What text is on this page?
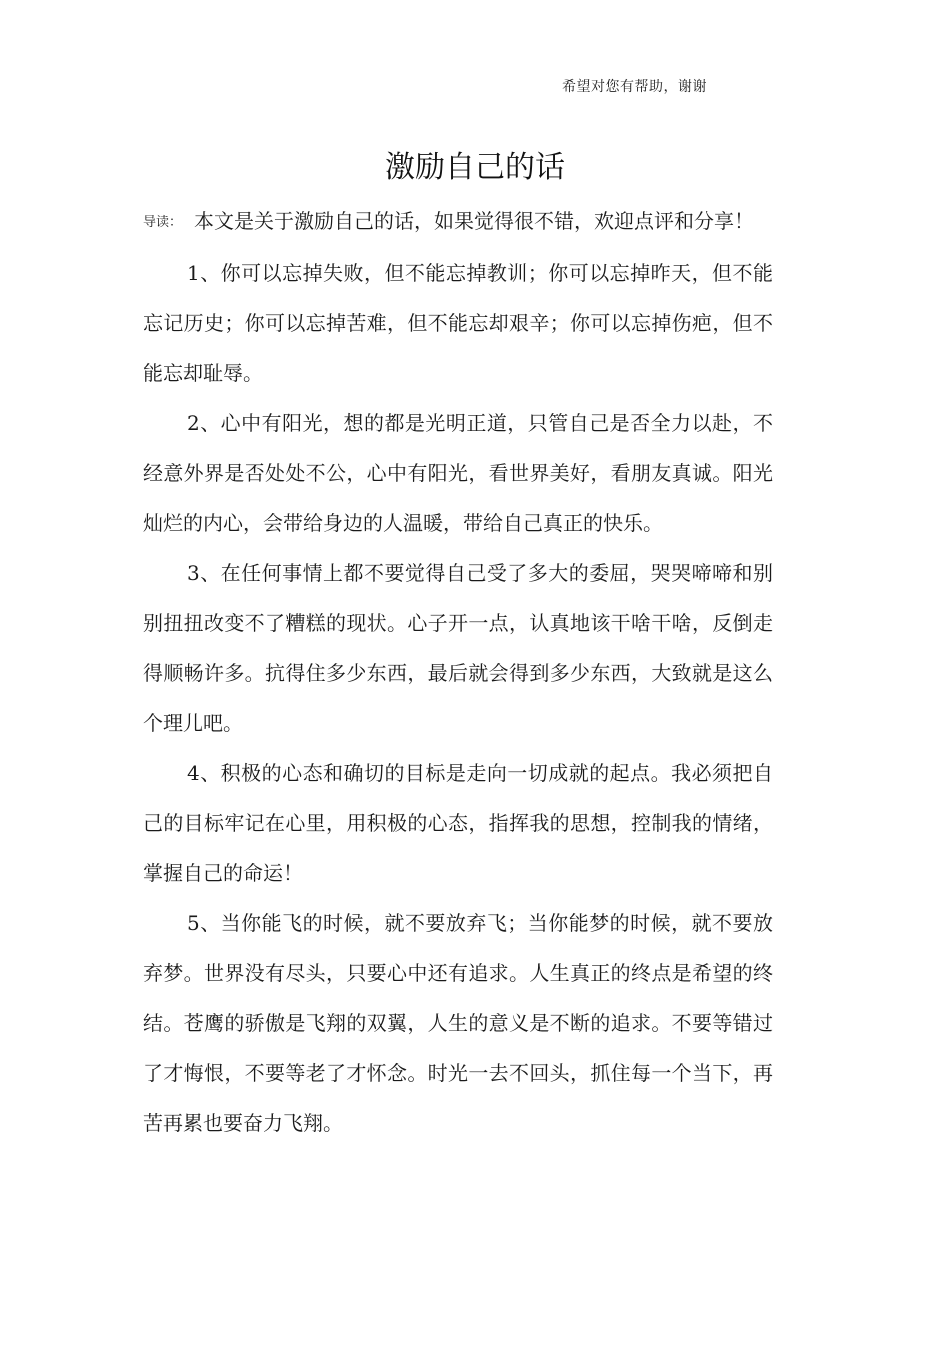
希望对您有帮助，谢谢
激励自己的话

导读： 本文是关于激励自己的话，如果觉得很不错，欢迎点评和分享！

1、你可以忘掉失败，但不能忘掉教训；你可以忘掉昨天，但不能忘记历史；你可以忘掉苦难，但不能忘却艰辛；你可以忘掉伤疤，但不能忘却耻辱。

2、心中有阳光，想的都是光明正道，只管自己是否全力以赴，不经意外界是否处处不公，心中有阳光，看世界美好，看朋友真诚。阳光灿烂的内心，会带给身边的人温暖，带给自己真正的快乐。

3、在任何事情上都不要觉得自己受了多大的委屈，哭哭啼啼和别别扭扭改变不了糟糕的现状。心子开一点，认真地该干啥干啥，反倒走得顺畅许多。抗得住多少东西，最后就会得到多少东西，大致就是这么个理儿吧。

4、积极的心态和确切的目标是走向一切成就的起点。我必须把自己的目标牢记在心里，用积极的心态，指挥我的思想，控制我的情绪，掌握自己的命运！

5、当你能飞的时候，就不要放弃飞；当你能梦的时候，就不要放弃梦。世界没有尽头，只要心中还有追求。人生真正的终点是希望的终结。苍鹰的骄傲是飞翔的双翼，人生的意义是不断的追求。不要等错过了才悔恨，不要等老了才怀念。时光一去不回头，抓住每一个当下，再苦再累也要奋力飞翔。
